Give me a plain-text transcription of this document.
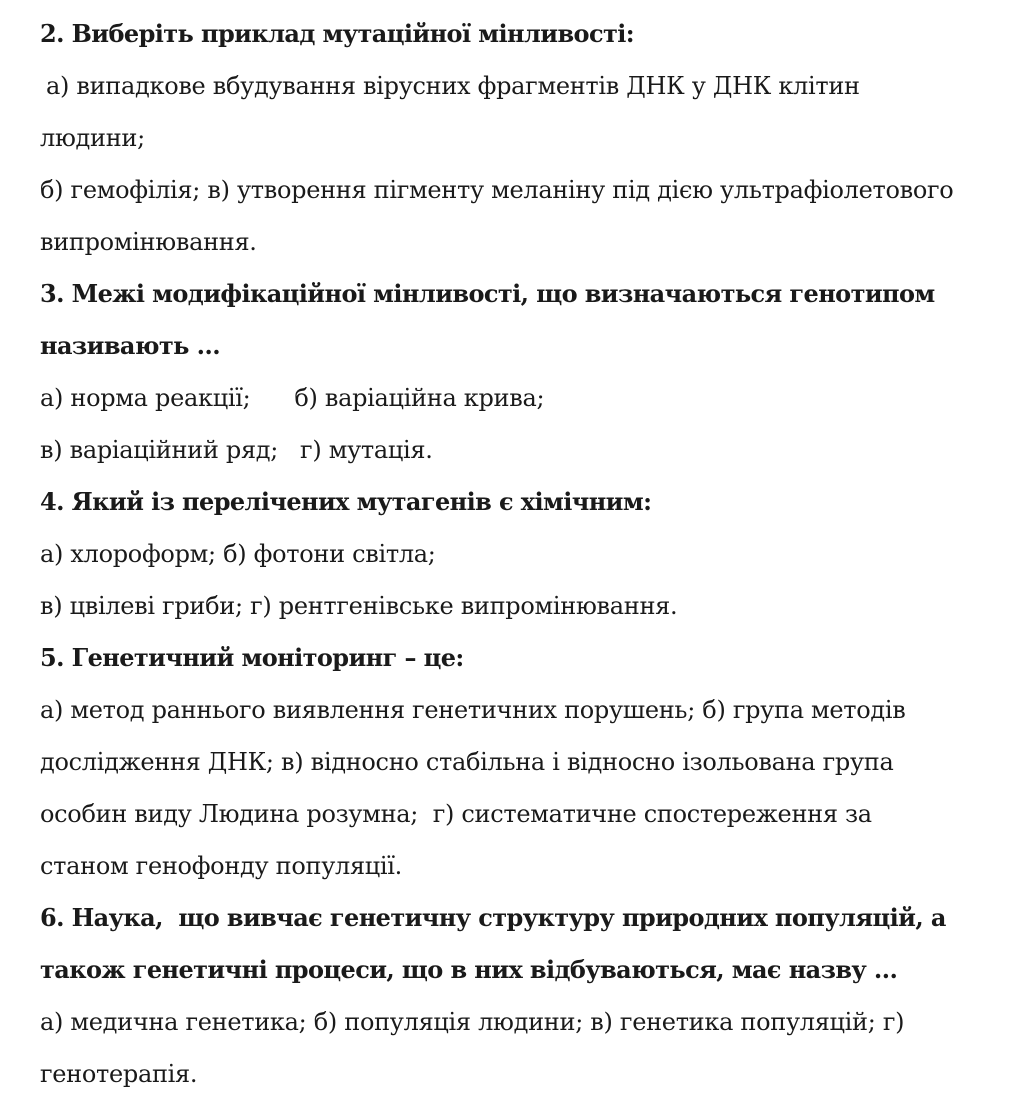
2. Виберіть приклад мутаційної мінливості:
а) випадкове вбудування вірусних фрагментів ДНК у ДНК клітин
людини;
б) гемофілія; в) утворення пігменту меланіну під дією ультрафіолетового
випромінювання.
3. Межі модифікаційної мінливості, що визначаються генотипом
називають …
а) норма реакції;      б) варіаційна крива;
в) варіаційний ряд;   г) мутація.
4. Який із перелічених мутагенів є хімічним:
а) хлороформ; б) фотони світла;
в) цвілеві гриби; г) рентгенівське випромінювання.
5. Генетичний моніторинг – це:
а) метод раннього виявлення генетичних порушень; б) група методів
дослідження ДНК; в) відносно стабільна і відносно ізольована група
особин виду Людина розумна;  г) систематичне спостереження за
станом генофонду популяції.
6. Наука,  що вивчає генетичну структуру природних популяцій, а
також генетичні процеси, що в них відбуваються, має назву …
а) медична генетика; б) популяція людини; в) генетика популяцій; г)
генотерапія.
